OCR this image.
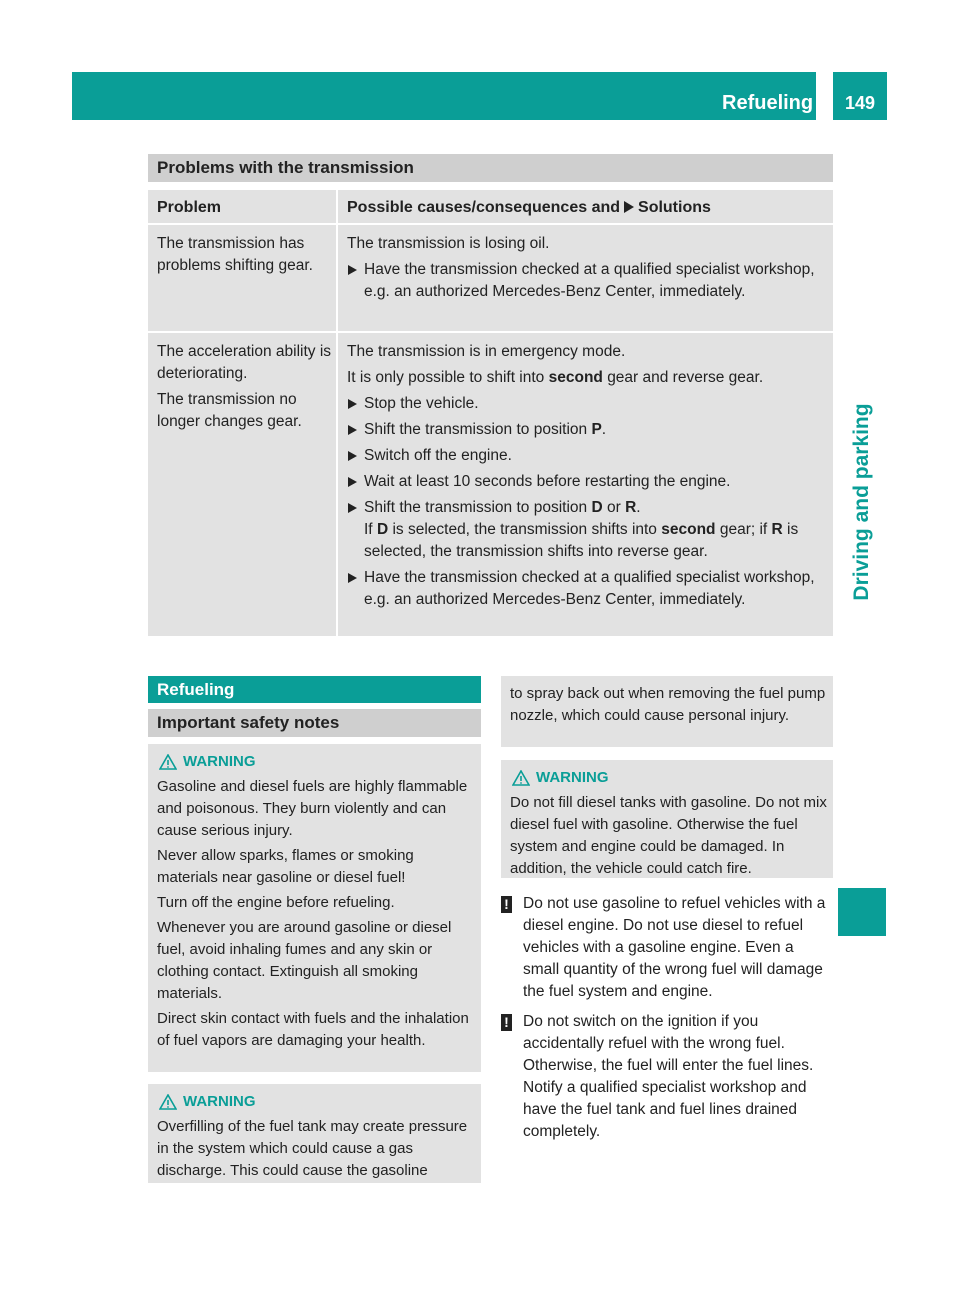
Refueling	149
Driving and parking
Problems with the transmission
Problem	Possible causes/consequences and Solutions

The transmission has problems shifting gear.

The transmission is losing oil.

Have the transmission checked at a qualified specialist workshop, e.g. an authorized Mercedes-Benz Center, immediately.

The acceleration ability is deteriorating.

The transmission no longer changes gear.

The transmission is in emergency mode.

It is only possible to shift into second gear and reverse gear.

Stop the vehicle.

Shift the transmission to position P.

Switch off the engine.

Wait at least 10 seconds before restarting the engine.

Shift the transmission to position D or R.
If D is selected, the transmission shifts into second gear; if R is
selected, the transmission shifts into reverse gear.

Have the transmission checked at a qualified specialist workshop, e.g. an authorized Mercedes-Benz Center, immediately.

Refueling
Important safety notes

WARNING

Gasoline and diesel fuels are highly flammable and poisonous. They burn violently and can cause serious injury.

Never allow sparks, flames or smoking materials near gasoline or diesel fuel!

Turn off the engine before refueling.

Whenever you are around gasoline or diesel fuel, avoid inhaling fumes and any skin or clothing contact. Extinguish all smoking materials.

Direct skin contact with fuels and the inhalation of fuel vapors are damaging your health.

WARNING

Overfilling of the fuel tank may create pressure in the system which could cause a gas discharge. This could cause the gasoline

to spray back out when removing the fuel pump nozzle, which could cause personal injury.

WARNING

Do not fill diesel tanks with gasoline. Do not mix diesel fuel with gasoline. Otherwise the fuel system and engine could be damaged. In addition, the vehicle could catch fire.

! Do not use gasoline to refuel vehicles with a diesel engine. Do not use diesel to refuel vehicles with a gasoline engine. Even a small quantity of the wrong fuel will damage the fuel system and engine.

! Do not switch on the ignition if you accidentally refuel with the wrong fuel. Otherwise, the fuel will enter the fuel lines. Notify a qualified specialist workshop and have the fuel tank and fuel lines drained completely.
